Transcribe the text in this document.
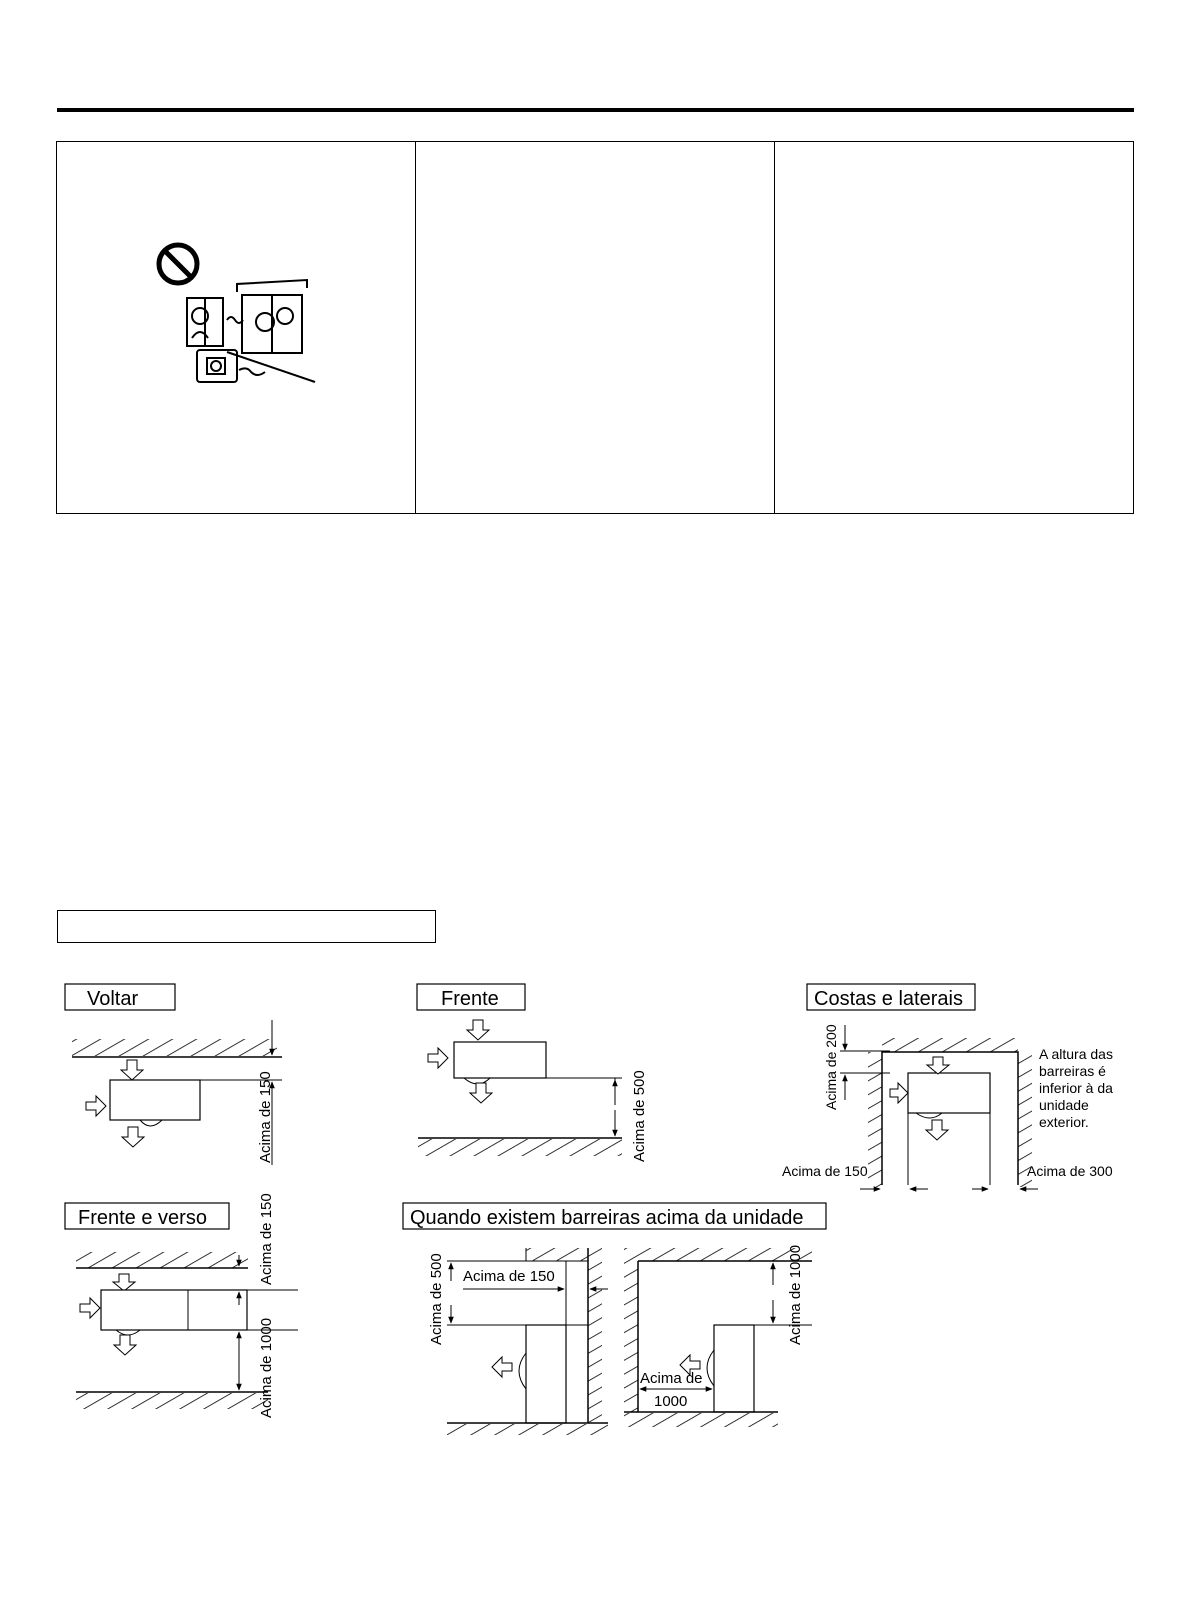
Voltar
Acima de 150
Frente
Acima de 500
Costas e laterais
Acima de 200	A altura das barreiras é inferior à da unidade exterior.
Acima de 150	Acima de 300
Frente e verso	Acima de 150
Acima de 1000
Quando existem barreiras acima da unidade
Acima de 500 Acima de 150	Acima de 1000
Acima de
1000
